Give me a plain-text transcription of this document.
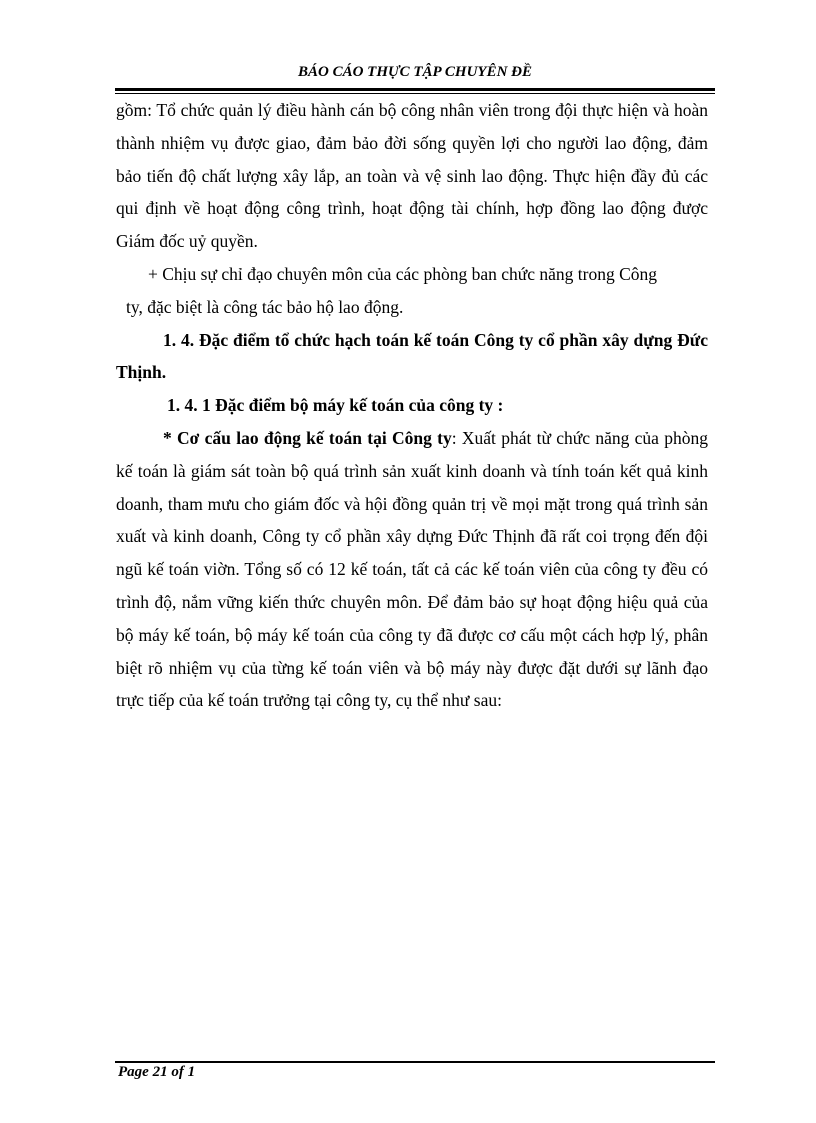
BÁO CÁO THỰC TẬP CHUYÊN ĐỀ

gồm: Tổ chức quản lý điều hành cán bộ công nhân viên trong đội thực hiện và hoàn thành nhiệm vụ được giao, đảm bảo đời sống quyền lợi cho người lao động, đảm bảo tiến độ chất lượng xây lắp, an toàn và vệ sinh lao động. Thực hiện đầy đủ các qui định về hoạt động công trình, hoạt động tài chính, hợp đồng lao động được Giám đốc uỷ quyền.

+ Chịu sự chỉ đạo chuyên môn của các phòng ban chức năng trong Công

ty, đặc biệt là công tác bảo hộ lao động.

1. 4. Đặc điểm tổ chức hạch toán kế toán Công ty cổ phần xây dựng Đức Thịnh.

1. 4. 1 Đặc điểm bộ máy kế toán của công ty :

* Cơ cấu lao động kế toán tại Công ty: Xuất phát từ chức năng của phòng kế toán là giám sát toàn bộ quá trình sản xuất kinh doanh và tính toán kết quả kinh doanh, tham mưu cho giám đốc và hội đồng quản trị về mọi mặt trong quá trình sản xuất và kinh doanh, Công ty cổ phần xây dựng Đức Thịnh đã rất coi trọng đến đội ngũ kế toán viờn. Tổng số có 12 kế toán, tất cả các kế toán viên của công ty đều có trình độ, nắm vững kiến thức chuyên môn. Để đảm bảo sự hoạt động hiệu quả của bộ máy kế toán, bộ máy kế toán của công ty đã được cơ cấu một cách hợp lý, phân biệt rõ nhiệm vụ của từng kế toán viên và bộ máy này được đặt dưới sự lãnh đạo trực tiếp của kế toán trưởng tại công ty, cụ thể như sau:

Page 21 of 1
